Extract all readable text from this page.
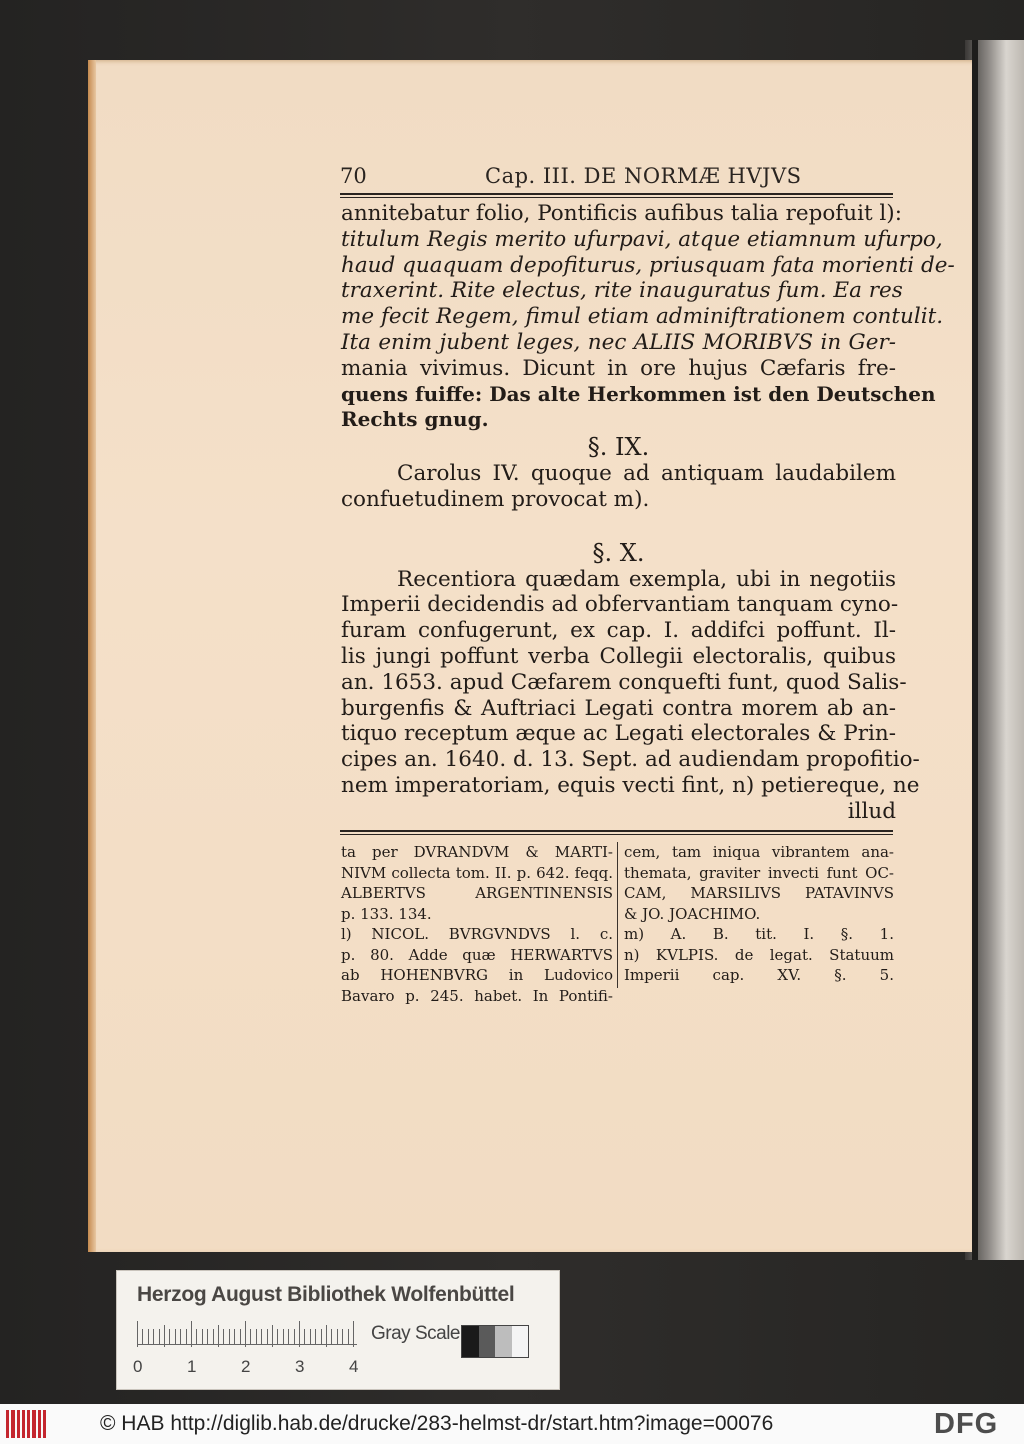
70	Cap. III. DE NORMÆ HVJVS
annitebatur folio, Pontificis aufibus talia repofuit l):
titulum Regis merito ufurpavi, atque etiamnum ufurpo,
haud quaquam depofiturus, priusquam fata morienti de-
traxerint. Rite electus, rite inauguratus fum. Ea res
me fecit Regem, fimul etiam adminiftrationem contulit.
Ita enim jubent leges, nec ALIIS MORIBVS in Ger-
mania vivimus. Dicunt in ore hujus Cæfaris fre-
quens fuiffe: Das alte Herkommen ist den Deutschen
Rechts gnug.
§. IX.
Carolus IV. quoque ad antiquam laudabilem
confuetudinem provocat m).

§. X.
Recentiora quædam exempla, ubi in negotiis
Imperii decidendis ad obfervantiam tanquam cyno-
furam confugerunt, ex cap. I. addifci poffunt. Il-
lis jungi poffunt verba Collegii electoralis, quibus
an. 1653. apud Cæfarem conquefti funt, quod Salis-
burgenfis & Auftriaci Legati contra morem ab an-
tiquo receptum æque ac Legati electorales & Prin-
cipes an. 1640. d. 13. Sept. ad audiendam propofitio-
nem imperatoriam, equis vecti fint, n) petiereque, ne
illud
ta per DVRANDVM & MARTI-
NIVM collecta tom. II. p. 642. feqq.
ALBERTVS ARGENTINENSIS
p. 133. 134.
l) NICOL. BVRGVNDVS l. c.
p. 80. Adde quæ HERWARTVS
ab HOHENBVRG in Ludovico
Bavaro p. 245. habet. In Pontifi-
cem, tam iniqua vibrantem ana-
themata, graviter invecti funt OC-
CAM, MARSILIVS PATAVINVS
& JO. JOACHIMO.
m) A. B. tit. I. §. 1.
n) KVLPIS. de legat. Statuum
Imperii cap. XV. §. 5.
Herzog August Bibliothek Wolfenbüttel
0	1	2	3	4
Gray Scale
© HAB http://diglib.hab.de/drucke/283-helmst-dr/start.htm?image=00076	DFG
